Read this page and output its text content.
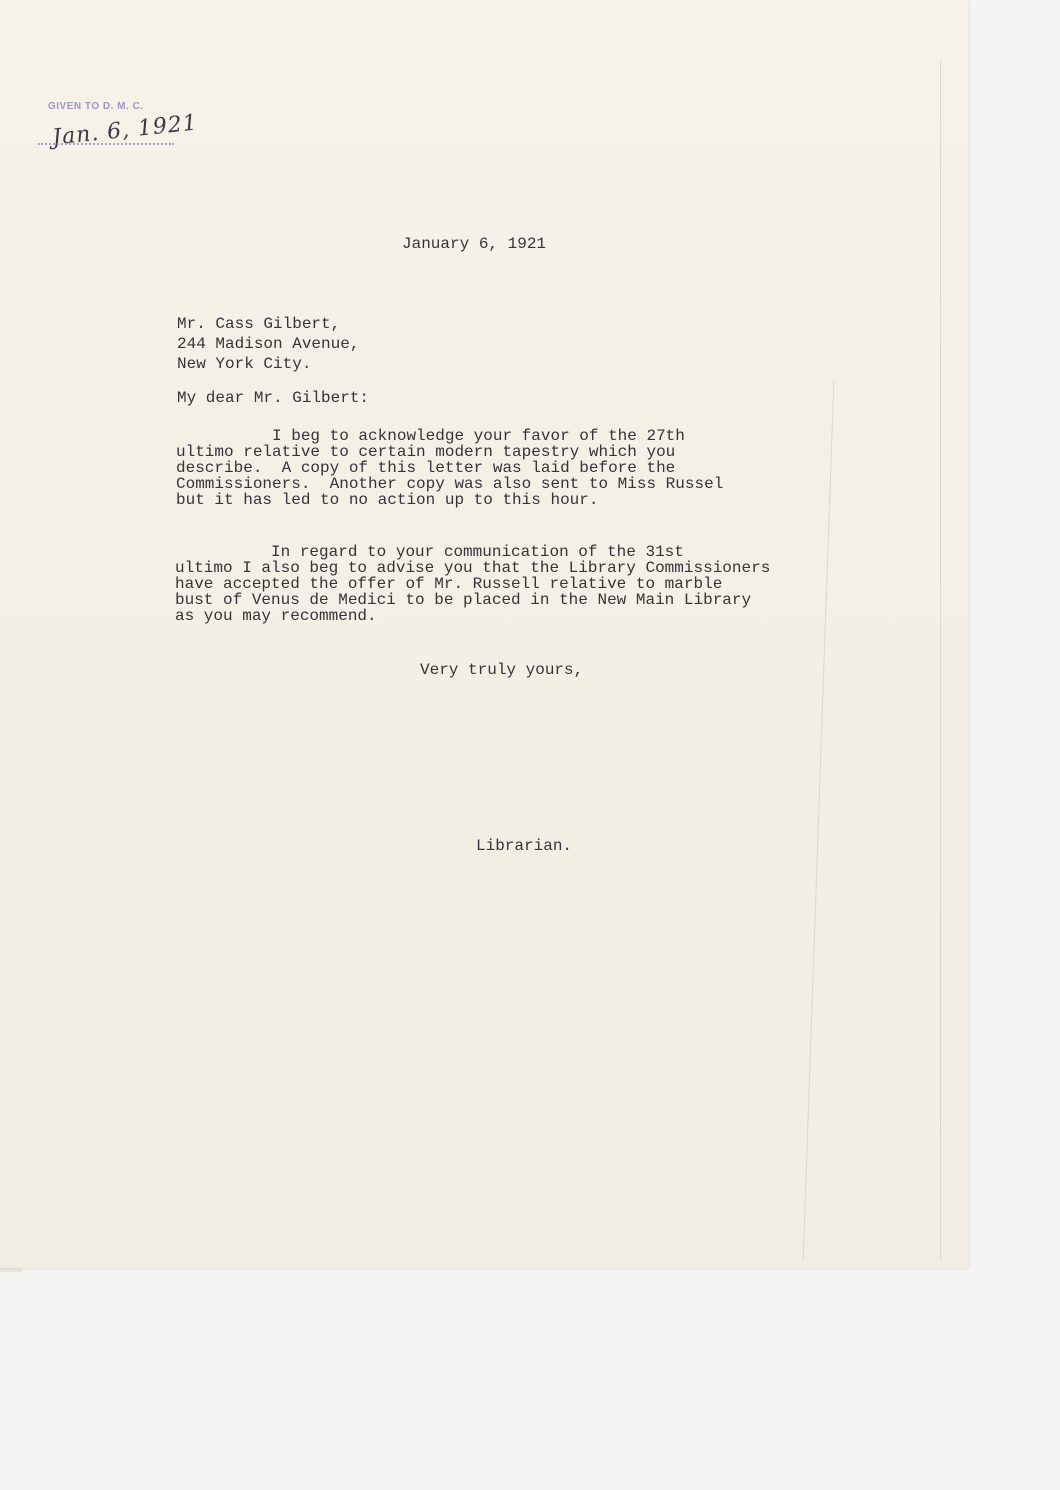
GIVEN TO D. M. C.
Jan. 6, 1921
January 6, 1921
Mr. Cass Gilbert,
244 Madison Avenue,
New York City.
My dear Mr. Gilbert:
I beg to acknowledge your favor of the 27th
ultimo relative to certain modern tapestry which you
describe.  A copy of this letter was laid before the
Commissioners.  Another copy was also sent to Miss Russel
but it has led to no action up to this hour.
In regard to your communication of the 31st
ultimo I also beg to advise you that the Library Commissioners
have accepted the offer of Mr. Russell relative to marble
bust of Venus de Medici to be placed in the New Main Library
as you may recommend.
Very truly yours,
Librarian.
